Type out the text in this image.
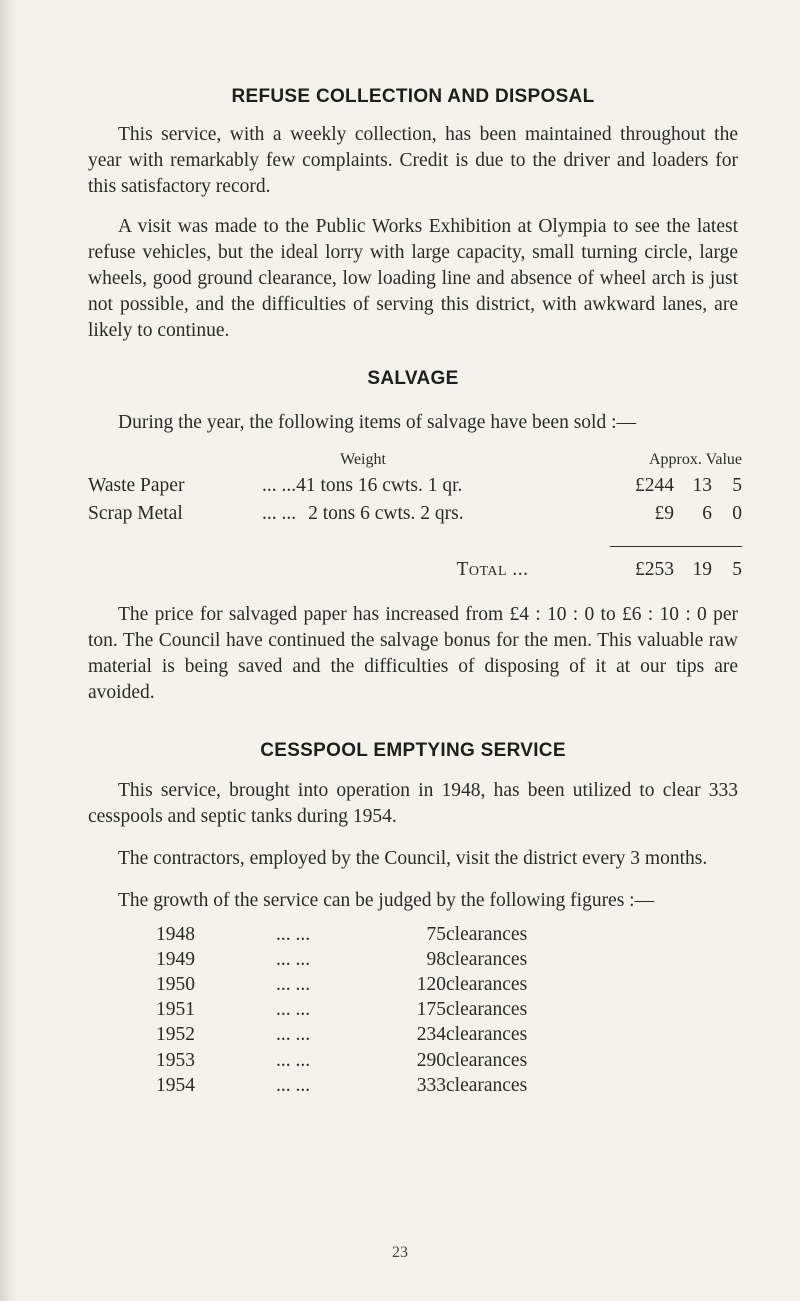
REFUSE COLLECTION AND DISPOSAL

This service, with a weekly collection, has been maintained throughout the year with remarkably few complaints. Credit is due to the driver and loaders for this satisfactory record.

A visit was made to the Public Works Exhibition at Olympia to see the latest refuse vehicles, but the ideal lorry with large capacity, small turning circle, large wheels, good ground clearance, low loading line and absence of wheel arch is just not possible, and the difficulties of serving this district, with awkward lanes, are likely to continue.

SALVAGE

During the year, the following items of salvage have been sold :—

		Weight	Approx. Value
Waste Paper	... ...	41 tons 16 cwts. 1 qr.	£244 13 5
Scrap Metal	... ...	2 tons 6 cwts. 2 qrs.	£9 6 0

Total ...			£253 19 5

The price for salvaged paper has increased from £4 : 10 : 0 to £6 : 10 : 0 per ton. The Council have continued the salvage bonus for the men. This valuable raw material is being saved and the difficulties of disposing of it at our tips are avoided.

CESSPOOL EMPTYING SERVICE

This service, brought into operation in 1948, has been utilized to clear 333 cesspools and septic tanks during 1954.

The contractors, employed by the Council, visit the district every 3 months.

The growth of the service can be judged by the following figures :—

1948	... ...	75	clearances
1949	... ...	98	clearances
1950	... ...	120	clearances
1951	... ...	175	clearances
1952	... ...	234	clearances
1953	... ...	290	clearances
1954	... ...	333	clearances
23
